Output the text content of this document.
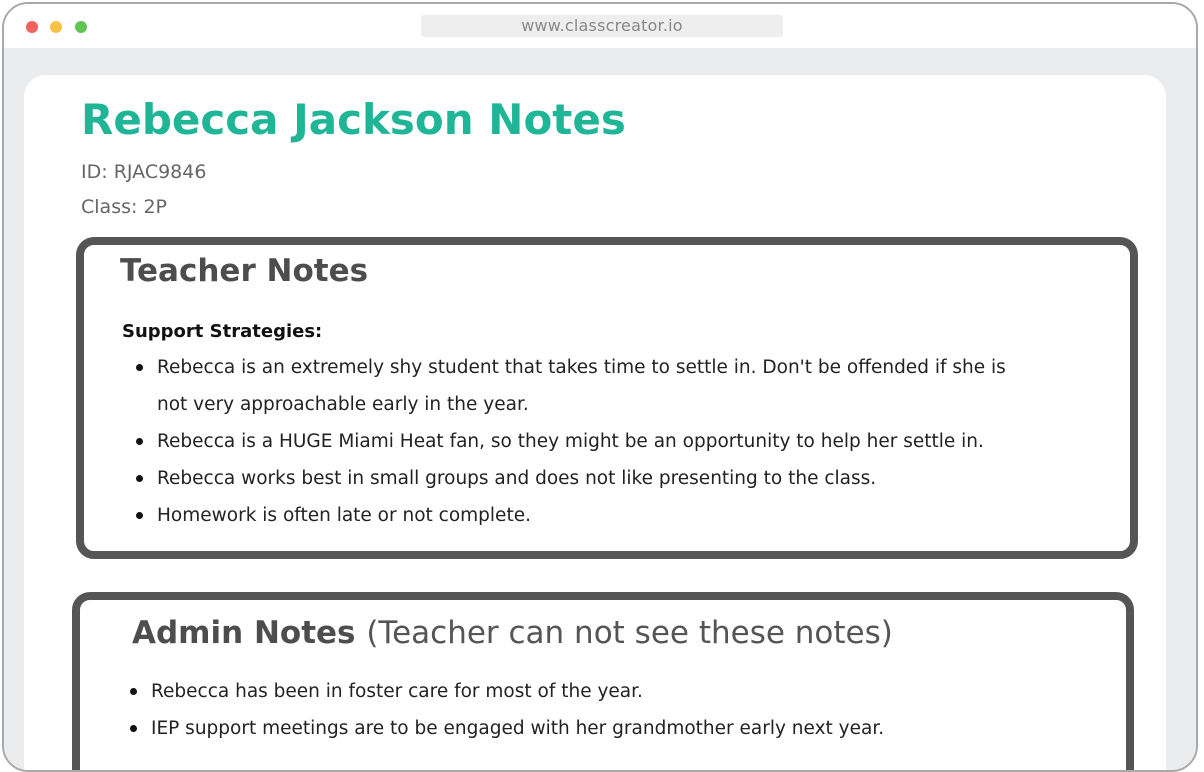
www.classcreator.io
Rebecca Jackson Notes
ID: RJAC9846
Class: 2P
Teacher Notes
Support Strategies:
Rebecca is an extremely shy student that takes time to settle in. Don't be offended if she is not very approachable early in the year.
Rebecca is a HUGE Miami Heat fan, so they might be an opportunity to help her settle in.
Rebecca works best in small groups and does not like presenting to the class.
Homework is often late or not complete.
Admin Notes (Teacher can not see these notes)
Rebecca has been in foster care for most of the year.
IEP support meetings are to be engaged with her grandmother early next year.
